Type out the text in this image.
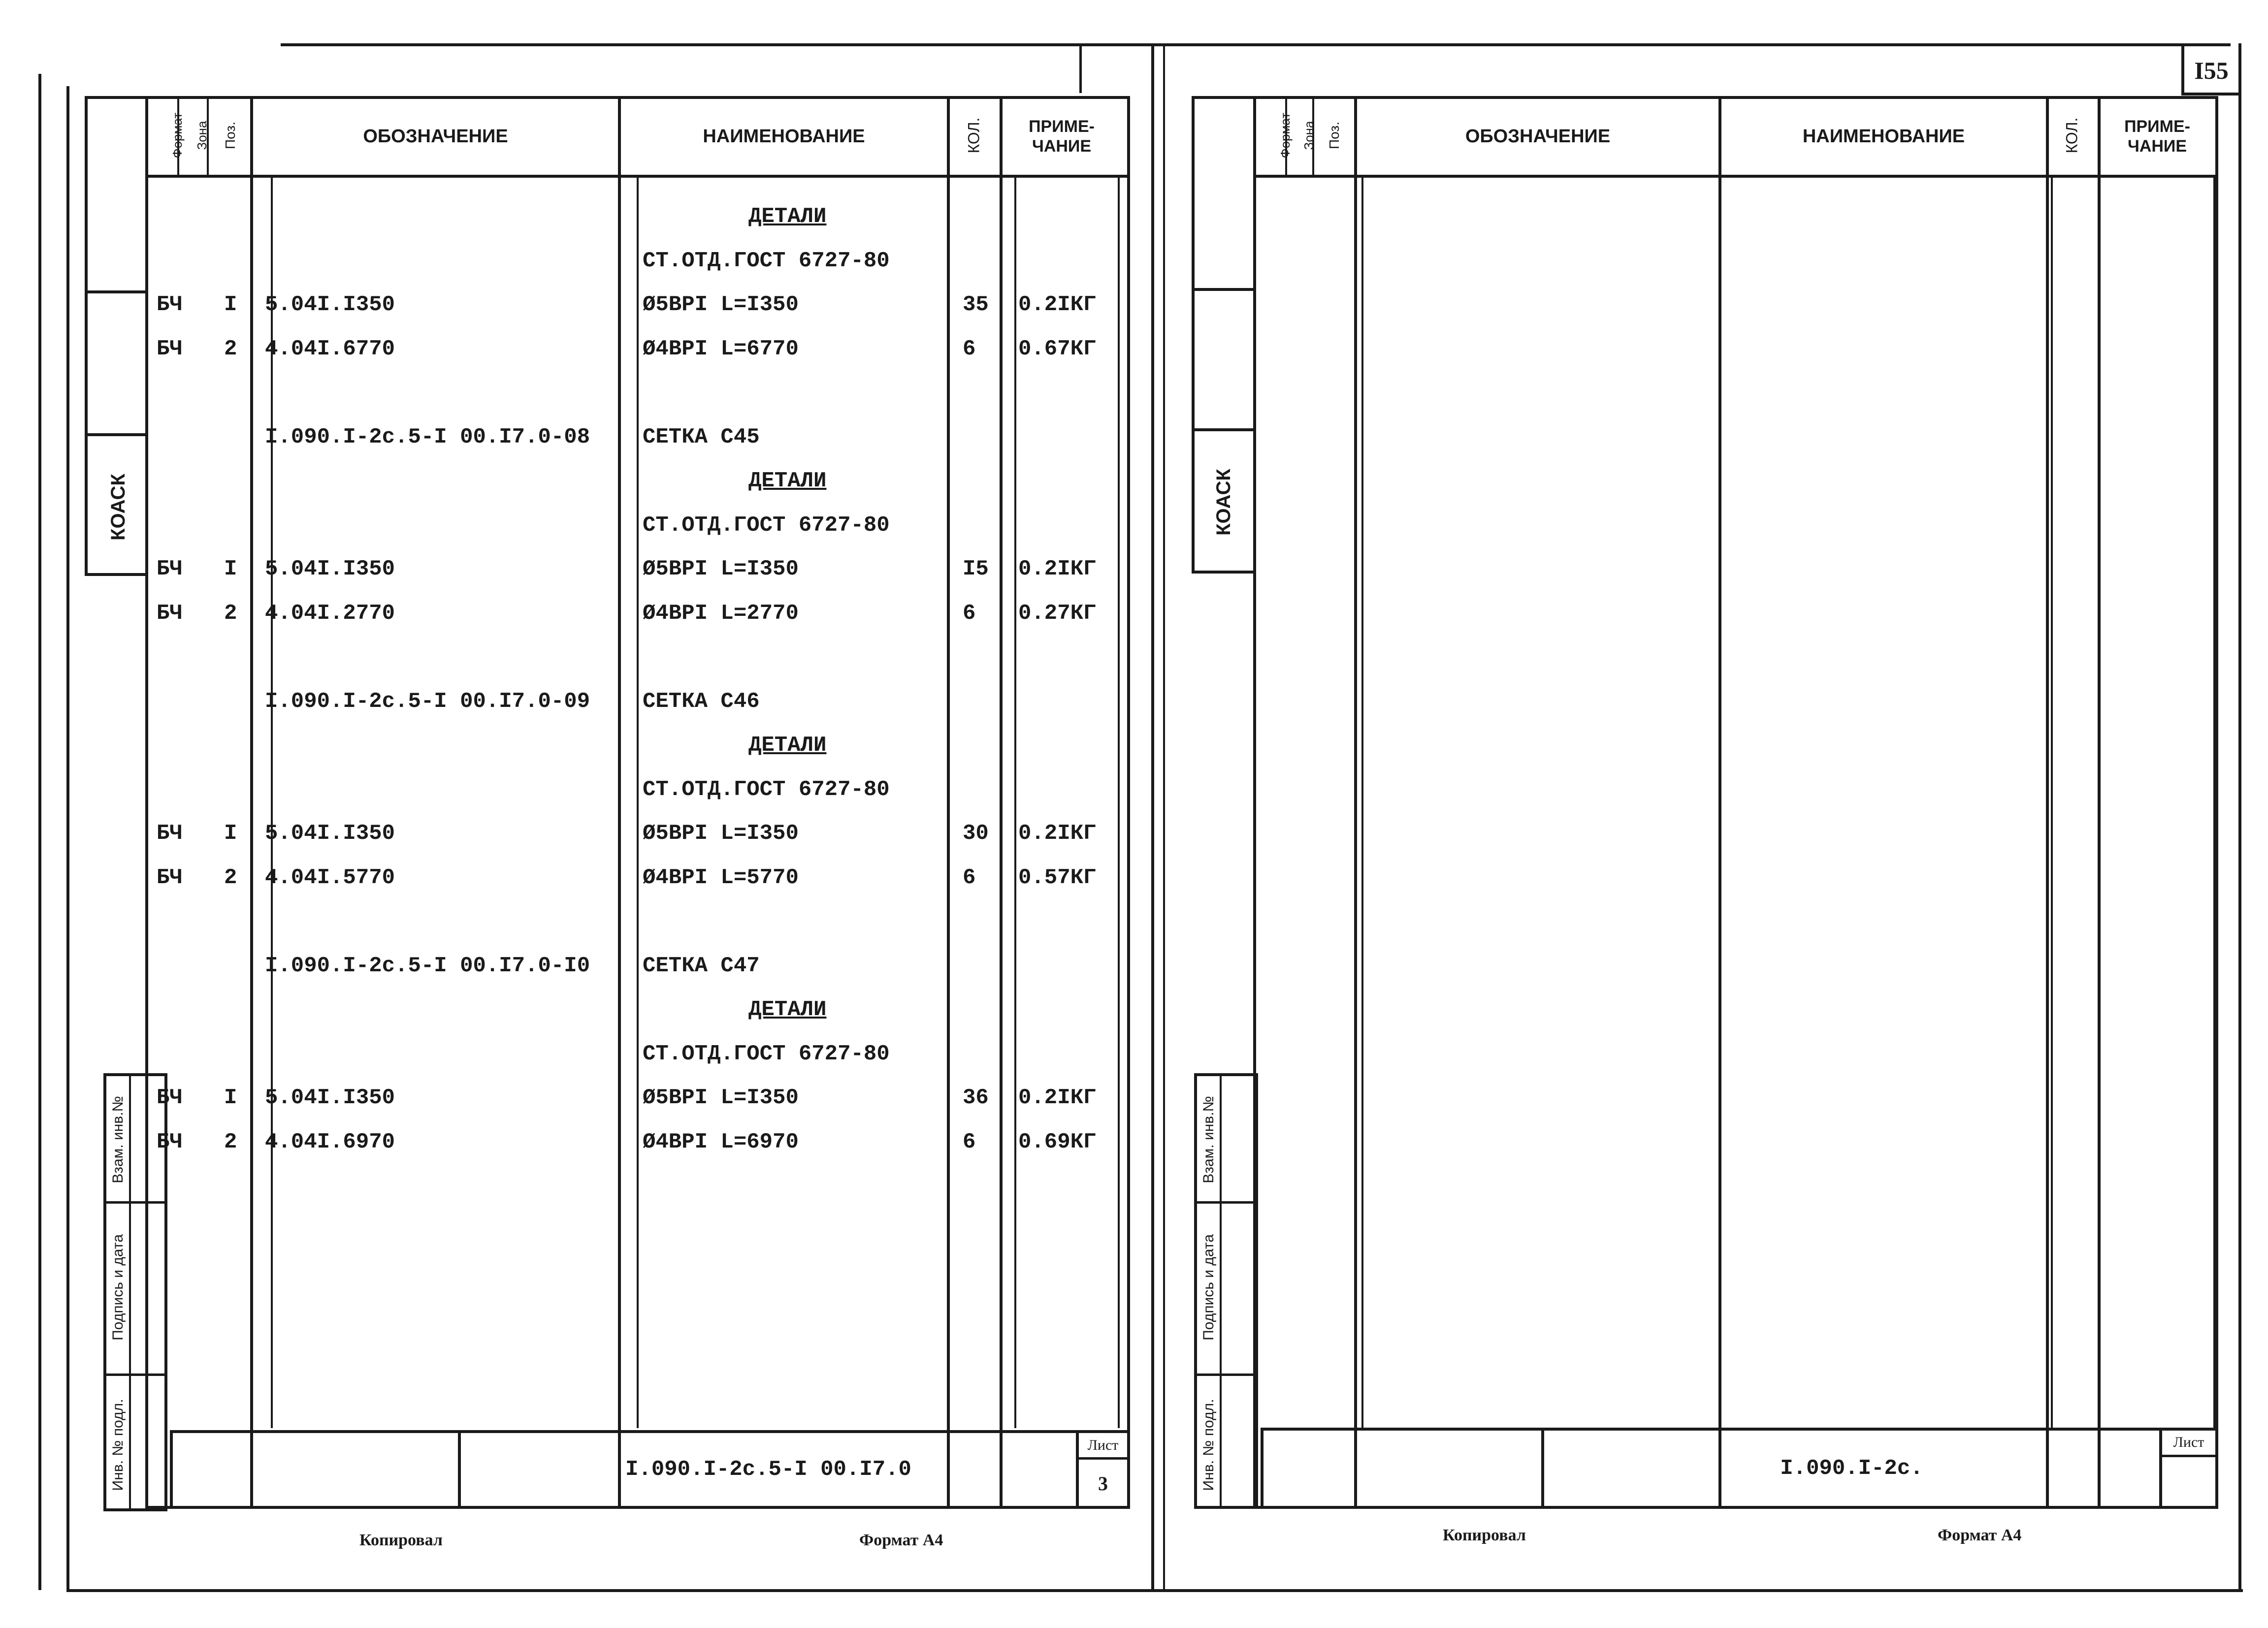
I55
Формат Зона Поз.	ОБОЗНАЧЕНИЕ	НАИМЕНОВАНИЕ	КОЛ.	ПРИМЕ-
ЧАНИЕ
КОАСК
Взам. инв.№
Подпись и дата
Инв. № подл.
ДЕТАЛИ
СТ.ОТД.ГОСТ 6727-80
БЧ I 5.04I.I350	Ø5ВРI L=I350	35 0.2IКГ
БЧ 2 4.04I.6770	Ø4ВРI L=6770	6 0.67КГ
I.090.I-2с.5-I 00.I7.0-08 СЕТКА С45
ДЕТАЛИ
СТ.ОТД.ГОСТ 6727-80
БЧ I 5.04I.I350	Ø5ВРI L=I350	I5 0.2IКГ
БЧ 2 4.04I.2770	Ø4ВРI L=2770	6 0.27КГ
I.090.I-2с.5-I 00.I7.0-09 СЕТКА С46
ДЕТАЛИ
СТ.ОТД.ГОСТ 6727-80
БЧ I 5.04I.I350	Ø5ВРI L=I350	30 0.2IКГ
БЧ 2 4.04I.5770	Ø4ВРI L=5770	6 0.57КГ
I.090.I-2с.5-I 00.I7.0-I0 СЕТКА С47
ДЕТАЛИ
СТ.ОТД.ГОСТ 6727-80
БЧ I 5.04I.I350	Ø5ВРI L=I350	36 0.2IКГ
БЧ 2 4.04I.6970	Ø4ВРI L=6970	6 0.69КГ
I.090.I-2с.5-I 00.I7.0
Лист
3
Копировал	Формат А4
Формат Зона Поз.	ОБОЗНАЧЕНИЕ	НАИМЕНОВАНИЕ	КОЛ.	ПРИМЕ-
ЧАНИЕ
КОАСК
Взам. инв.№
Подпись и дата
Инв. № подл.	I.090.I-2с.
Лист
Копировал	Формат А4
